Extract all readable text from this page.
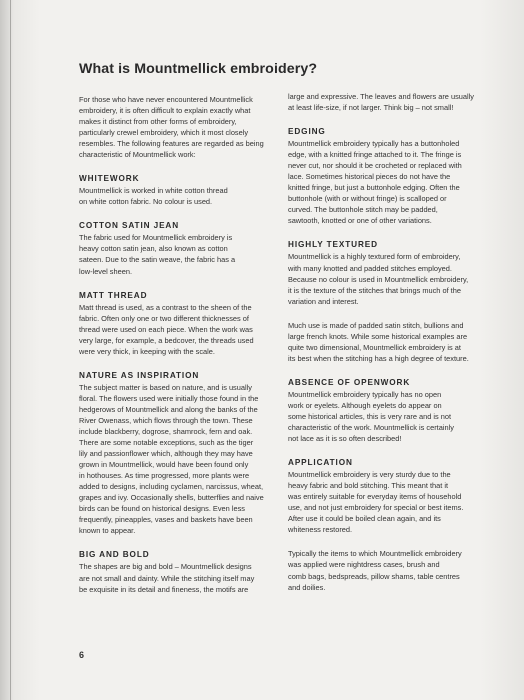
What is Mountmellick embroidery?

For those who have never encountered Mountmellick
embroidery, it is often difficult to explain exactly what
makes it distinct from other forms of embroidery,
particularly crewel embroidery, which it most closely
resembles. The following features are regarded as being
characteristic of Mountmellick work:

WHITEWORK

Mountmellick is worked in white cotton thread
on white cotton fabric. No colour is used.

COTTON SATIN JEAN

The fabric used for Mountmellick embroidery is
heavy cotton satin jean, also known as cotton
sateen. Due to the satin weave, the fabric has a
low-level sheen.

MATT THREAD

Matt thread is used, as a contrast to the sheen of the
fabric. Often only one or two different thicknesses of
thread were used on each piece. When the work was
very large, for example, a bedcover, the threads used
were very thick, in keeping with the scale.

NATURE AS INSPIRATION

The subject matter is based on nature, and is usually
floral. The flowers used were initially those found in the
hedgerows of Mountmellick and along the banks of the
River Owenass, which flows through the town. These
include blackberry, dogrose, shamrock, fern and oak.
There are some notable exceptions, such as the tiger
lily and passionflower which, although they may have
grown in Mountmellick, would have been found only
in hothouses. As time progressed, more plants were
added to designs, including cyclamen, narcissus, wheat,
grapes and ivy. Occasionally shells, butterflies and naive
birds can be found on historical designs. Even less
frequently, pineapples, vases and baskets have been
known to appear.

BIG AND BOLD

The shapes are big and bold – Mountmellick designs
are not small and dainty. While the stitching itself may
be exquisite in its detail and fineness, the motifs are

large and expressive. The leaves and flowers are usually
at least life-size, if not larger. Think big – not small!

EDGING

Mountmellick embroidery typically has a buttonholed
edge, with a knitted fringe attached to it. The fringe is
never cut, nor should it be crocheted or replaced with
lace. Sometimes historical pieces do not have the
knitted fringe, but just a buttonhole edging. Often the
buttonhole (with or without fringe) is scalloped or
curved. The buttonhole stitch may be padded,
sawtooth, knotted or one of other variations.

HIGHLY TEXTURED

Mountmellick is a highly textured form of embroidery,
with many knotted and padded stitches employed.
Because no colour is used in Mountmellick embroidery,
it is the texture of the stitches that brings much of the
variation and interest.

Much use is made of padded satin stitch, bullions and
large french knots. While some historical examples are
quite two dimensional, Mountmellick embroidery is at
its best when the stitching has a high degree of texture.

ABSENCE OF OPENWORK

Mountmellick embroidery typically has no open
work or eyelets. Although eyelets do appear on
some historical articles, this is very rare and is not
characteristic of the work. Mountmellick is certainly
not lace as it is so often described!

APPLICATION

Mountmellick embroidery is very sturdy due to the
heavy fabric and bold stitching. This meant that it
was entirely suitable for everyday items of household
use, and not just embroidery for special or best items.
After use it could be boiled clean again, and its
whiteness restored.

Typically the items to which Mountmellick embroidery
was applied were nightdress cases, brush and
comb bags, bedspreads, pillow shams, table centres
and doilies.

6
